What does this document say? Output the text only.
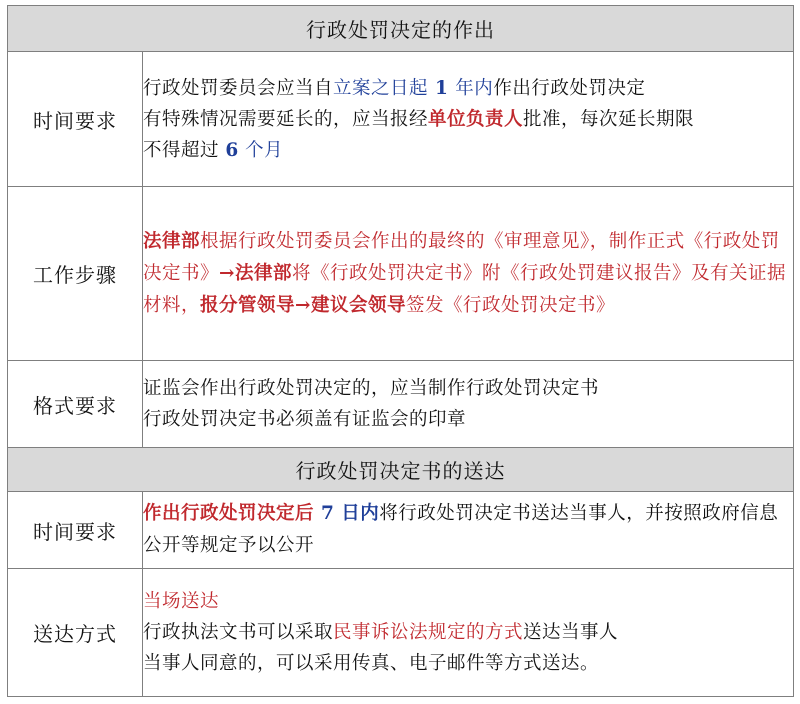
行政处罚决定的作出	
时间要求	行政处罚委员会应当自立案之日起 1 年内作出行政处罚决定
有特殊情况需要延长的，应当报经单位负责人批准，每次延长期限
不得超过 6 个月

工作步骤	法律部根据行政处罚委员会作出的最终的《审理意见》，制作正式《行政处罚决定书》→法律部将《行政处罚决定书》附《行政处罚建议报告》及有关证据材料，报分管领导→建议会领导签发《行政处罚决定书》

格式要求	证监会作出行政处罚决定的，应当制作行政处罚决定书
行政处罚决定书必须盖有证监会的印章

行政处罚决定书的送达	
时间要求	作出行政处罚决定后 7 日内将行政处罚决定书送达当事人，并按照政府信息公开等规定予以公开

送达方式	当场送达
行政执法文书可以采取民事诉讼法规定的方式送达当事人
当事人同意的，可以采用传真、电子邮件等方式送达。
